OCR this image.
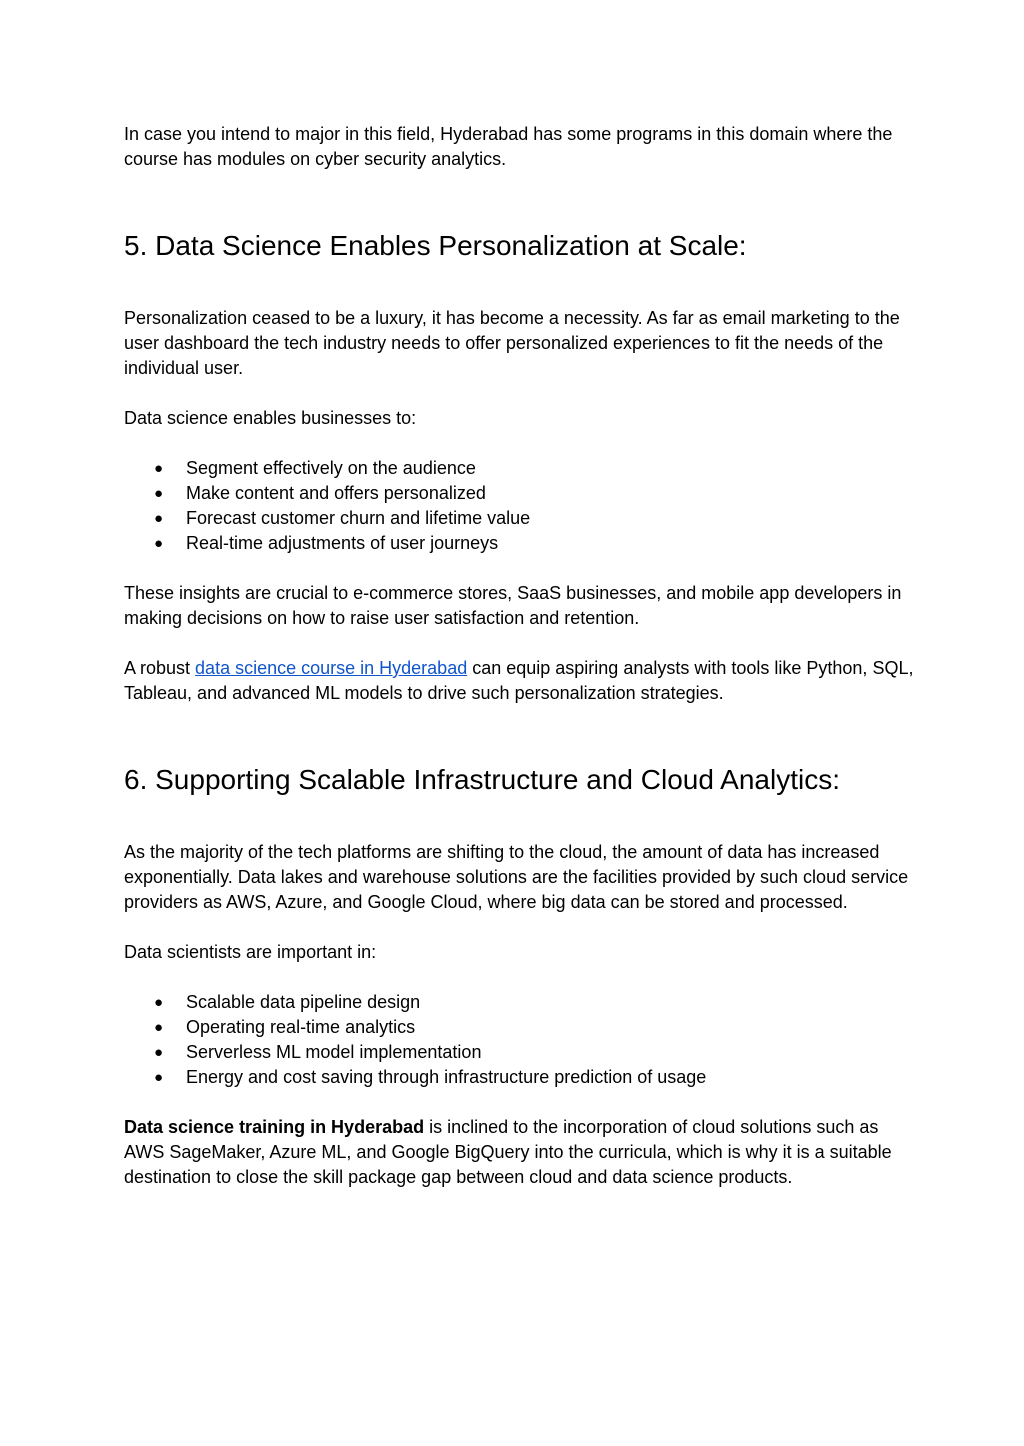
In case you intend to major in this field, Hyderabad has some programs in this domain where the course has modules on cyber security analytics.

5. Data Science Enables Personalization at Scale:

Personalization ceased to be a luxury, it has become a necessity. As far as email marketing to the user dashboard the tech industry needs to offer personalized experiences to fit the needs of the individual user.

Data science enables businesses to:

● Segment effectively on the audience
● Make content and offers personalized
● Forecast customer churn and lifetime value
● Real-time adjustments of user journeys

These insights are crucial to e-commerce stores, SaaS businesses, and mobile app developers in making decisions on how to raise user satisfaction and retention.

A robust data science course in Hyderabad can equip aspiring analysts with tools like Python, SQL, Tableau, and advanced ML models to drive such personalization strategies.

6. Supporting Scalable Infrastructure and Cloud Analytics:

As the majority of the tech platforms are shifting to the cloud, the amount of data has increased exponentially. Data lakes and warehouse solutions are the facilities provided by such cloud service providers as AWS, Azure, and Google Cloud, where big data can be stored and processed.

Data scientists are important in:

● Scalable data pipeline design
● Operating real-time analytics
● Serverless ML model implementation
● Energy and cost saving through infrastructure prediction of usage

Data science training in Hyderabad is inclined to the incorporation of cloud solutions such as AWS SageMaker, Azure ML, and Google BigQuery into the curricula, which is why it is a suitable destination to close the skill package gap between cloud and data science products.
